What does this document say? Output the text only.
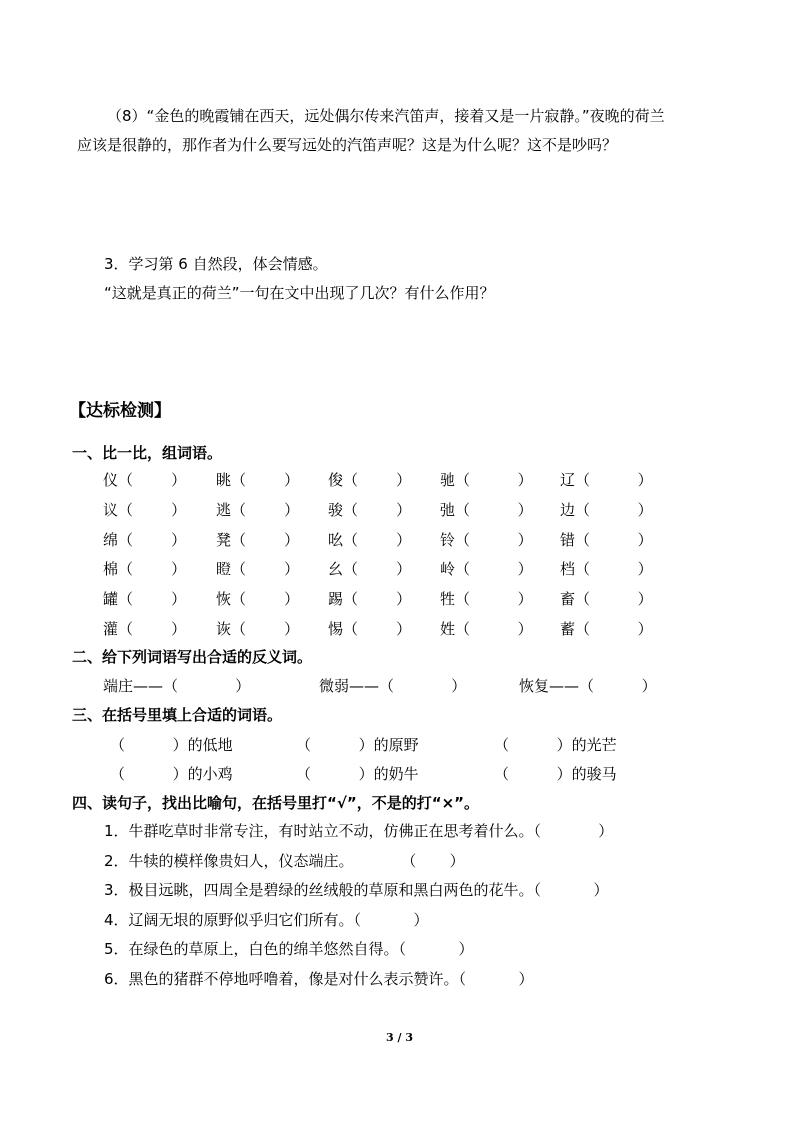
（8）“金色的晚霞铺在西天，远处偶尔传来汽笛声，接着又是一片寂静。”夜晚的荷兰
应该是很静的，那作者为什么要写远处的汽笛声呢？这是为什么呢？这不是吵吗？
3．学习第 6 自然段，体会情感。
“这就是真正的荷兰”一句在文中出现了几次？有什么作用？
【达标检测】
一、比一比，组词语。
仪（        ） 眺（        ） 俊（        ） 驰（          ） 辽（          ）
议（        ） 逃（        ） 骏（        ） 弛（          ） 边（          ）
绵（        ） 凳（        ） 吆（        ） 铃（          ） 错（          ）
棉（        ） 瞪（        ） 幺（        ） 岭（          ） 档（          ）
罐（        ） 恢（        ） 踢（        ） 牲（          ） 畜（          ）
灌（        ） 诙（        ） 惕（        ） 姓（          ） 蓄（          ）
二、给下列词语写出合适的反义词。
端庄——（            ）	微弱——（            ）	恢复——（          ）
三、在括号里填上合适的词语。
（          ）的低地	（          ）的原野	（          ）的光芒
（          ）的小鸡	（          ）的奶牛	（          ）的骏马
四、读句子，找出比喻句，在括号里打“√”，不是的打“×”。
1．牛群吃草时非常专注，有时站立不动，仿佛正在思考着什么。（            ）
2．牛犊的模样像贵妇人，仪态端庄。          （       ）
3．极目远眺，四周全是碧绿的丝绒般的草原和黑白两色的花牛。（           ）
4．辽阔无垠的原野似乎归它们所有。（           ）
5．在绿色的草原上，白色的绵羊悠然自得。（           ）
6．黑色的猪群不停地呼噜着，像是对什么表示赞许。（           ）
3 / 3
